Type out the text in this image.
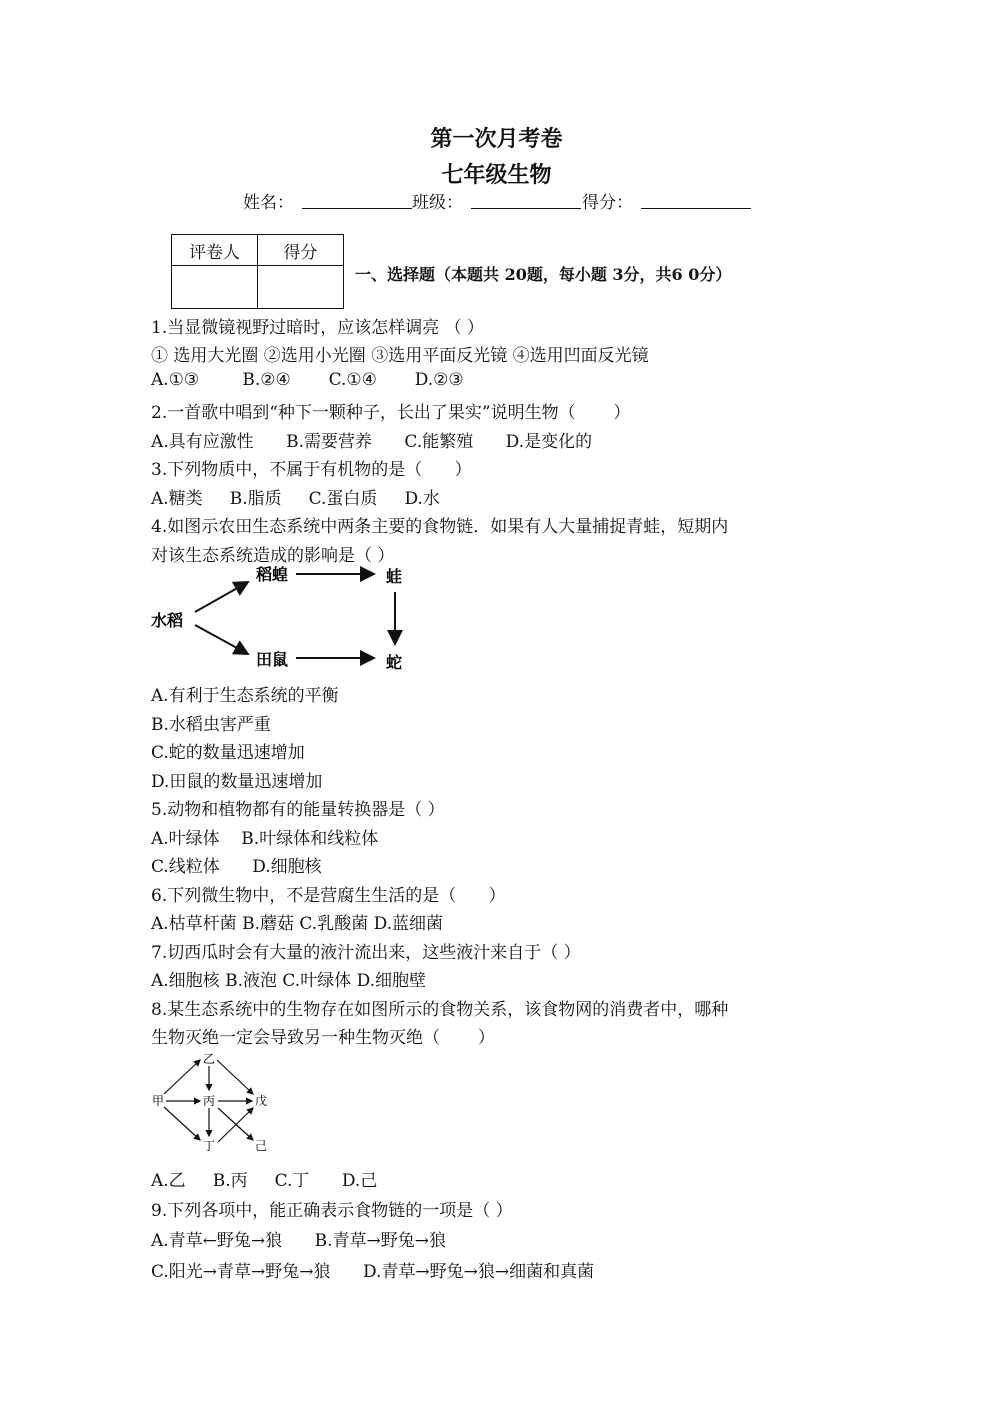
第一次月考卷
七年级生物
姓名：	班级：	得分：
评卷人	得分

一、选择题（本题共 20题，每小题 3分，共6 0分）
1.当显微镜视野过暗时，应该怎样调亮 （ ）
① 选用大光圈 ②选用小光圈 ③选用平面反光镜 ④选用凹面反光镜
A.①③        B.②④       C.①④       D.②③
2.一首歌中唱到“种下一颗种子，长出了果实”说明生物（       ）
A.具有应激性      B.需要营养      C.能繁殖      D.是变化的
3.下列物质中，不属于有机物的是（      ）
A.糖类     B.脂质     C.蛋白质     D.水
4.如图示农田生态系统中两条主要的食物链．如果有人大量捕捉青蛙，短期内
对该生态系统造成的影响是（ ）
水稻
稻蝗	蛙
田鼠	蛇
A.有利于生态系统的平衡
B.水稻虫害严重
C.蛇的数量迅速增加
D.田鼠的数量迅速增加
5.动物和植物都有的能量转换器是（ ）
A.叶绿体    B.叶绿体和线粒体
C.线粒体      D.细胞核
6.下列微生物中，不是营腐生生活的是（      ）
A.枯草杆菌 B.蘑菇 C.乳酸菌 D.蓝细菌
7.切西瓜时会有大量的液汁流出来，这些液汁来自于（ ）
A.细胞核 B.液泡 C.叶绿体 D.细胞壁
8.某生态系统中的生物存在如图所示的食物关系，该食物网的消费者中，哪种
生物灭绝一定会导致另一种生物灭绝（       ）
甲
乙
丙	戊
丁	己
A.乙     B.丙     C.丁      D.己
9.下列各项中，能正确表示食物链的一项是（ ）
A.青草←野兔→狼      B.青草→野兔→狼
C.阳光→青草→野兔→狼      D.青草→野兔→狼→细菌和真菌
